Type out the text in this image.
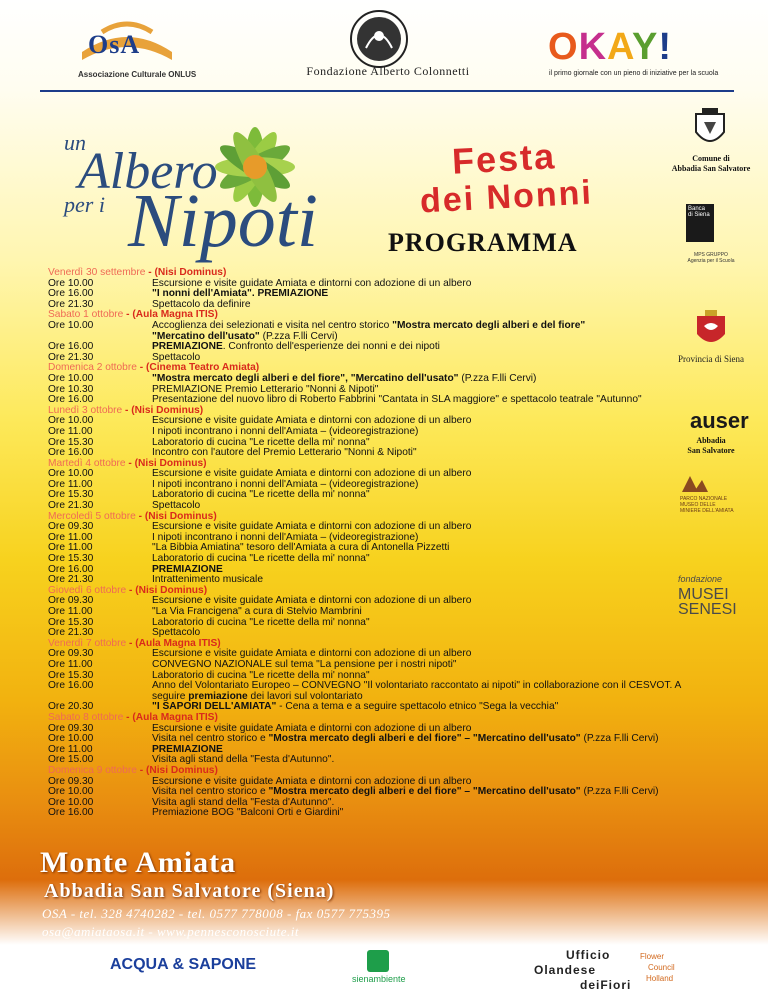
OsA
Associazione Culturale ONLUS	Fondazione Alberto Colonnetti
OKAY!
il primo giornale con un pieno di iniziative per la scuola
un
Albero
per i Nipoti
Festa
dei Nonni
PROGRAMMA
Comune di
Abbadia San Salvatore
Banca
di Siena
MPS GRUPPO
Agenzia per il Scuola
Provincia di Siena
auser
Abbadia
San Salvatore
PARCO NAZIONALE
MUSEO DELLE
MINIERE DELL'AMIATA
fondazione
MUSEI
SENESI
Venerdì 30 settembre - (Nisi Dominus)
Ore 10.00	Escursione e visite guidate Amiata e dintorni con adozione di un albero
Ore 16.00	"I nonni dell'Amiata". PREMIAZIONE
Ore 21.30	Spettacolo da definire
Sabato 1 ottobre - (Aula Magna ITIS)
Ore 10.00	Accoglienza dei selezionati e visita nel centro storico "Mostra mercato degli alberi e del fiore"
"Mercatino dell'usato" (P.zza F.lli Cervi)
Ore 16.00	PREMIAZIONE. Confronto dell'esperienze dei nonni e dei nipoti
Ore 21.30	Spettacolo
Domenica 2 ottobre - (Cinema Teatro Amiata)
Ore 10.00	"Mostra mercato degli alberi e del fiore", "Mercatino dell'usato" (P.zza F.lli Cervi)
Ore 10.30	PREMIAZIONE Premio Letterario "Nonni & Nipoti"
Ore 16.00	Presentazione del nuovo libro di Roberto Fabbrini "Cantata in SLA maggiore" e spettacolo teatrale "Autunno"
Lunedì 3 ottobre - (Nisi Dominus)
Ore 10.00	Escursione e visite guidate Amiata e dintorni con adozione di un albero
Ore 11.00	I nipoti incontrano i nonni dell'Amiata – (videoregistrazione)
Ore 15.30	Laboratorio di cucina "Le ricette della mi' nonna"
Ore 16.00	Incontro con l'autore del Premio Letterario "Nonni & Nipoti"
Martedì 4 ottobre - (Nisi Dominus)
Ore 10.00	Escursione e visite guidate Amiata e dintorni con adozione di un albero
Ore 11.00	I nipoti incontrano i nonni dell'Amiata – (videoregistrazione)
Ore 15.30	Laboratorio di cucina "Le ricette della mi' nonna"
Ore 21.30	Spettacolo
Mercoledì 5 ottobre - (Nisi Dominus)
Ore 09.30	Escursione e visite guidate Amiata e dintorni con adozione di un albero
Ore 11.00	I nipoti incontrano i nonni dell'Amiata – (videoregistrazione)
Ore 11.00	"La Bibbia Amiatina" tesoro dell'Amiata a cura di Antonella Pizzetti
Ore 15.30	Laboratorio di cucina "Le ricette della mi' nonna"
Ore 16.00	PREMIAZIONE
Ore 21.30	Intrattenimento musicale
Giovedì 6 ottobre - (Nisi Dominus)
Ore 09.30	Escursione e visite guidate Amiata e dintorni con adozione di un albero
Ore 11.00	"La Via Francigena" a cura di Stelvio Mambrini
Ore 15.30	Laboratorio di cucina "Le ricette della mi' nonna"
Ore 21.30	Spettacolo
Venerdì 7 ottobre - (Aula Magna ITIS)
Ore 09.30	Escursione e visite guidate Amiata e dintorni con adozione di un albero
Ore 11.00	CONVEGNO NAZIONALE sul tema "La pensione per i nostri nipoti"
Ore 15.30	Laboratorio di cucina "Le ricette della mi' nonna"
Ore 16.00	Anno del Volontariato Europeo – CONVEGNO "Il volontariato raccontato ai nipoti" in collaborazione con il CESVOT. A
seguire premiazione dei lavori sul volontariato
Ore 20.30	"I SAPORI DELL'AMIATA" - Cena a tema e a seguire spettacolo etnico "Sega la vecchia"
Sabato 8 ottobre - (Aula Magna ITIS)
Ore 09.30	Escursione e visite guidate Amiata e dintorni con adozione di un albero
Ore 10.00	Visita nel centro storico e "Mostra mercato degli alberi e del fiore" – "Mercatino dell'usato" (P.zza F.lli Cervi)
Ore 11.00	PREMIAZIONE
Ore 15.00	Visita agli stand della "Festa d'Autunno".
Domenica 9 ottobre - (Nisi Dominus)
Ore 09.30	Escursione e visite guidate Amiata e dintorni con adozione di un albero
Ore 10.00	Visita nel centro storico e "Mostra mercato degli alberi e del fiore" – "Mercatino dell'usato" (P.zza F.lli Cervi)
Ore 10.00	Visita agli stand della "Festa d'Autunno".
Ore 16.00	Premiazione BOG "Balconi Orti e Giardini"
Monte Amiata
Abbadia San Salvatore (Siena)
OSA - tel. 328 4740282 - tel. 0577 778008 - fax 0577 775395
osa@amiataosa.it - www.pennesconosciute.it
ACQUA & SAPONE
sienambiente
Ufficio
Olandese
deiFiori
Flower
Council
Holland
